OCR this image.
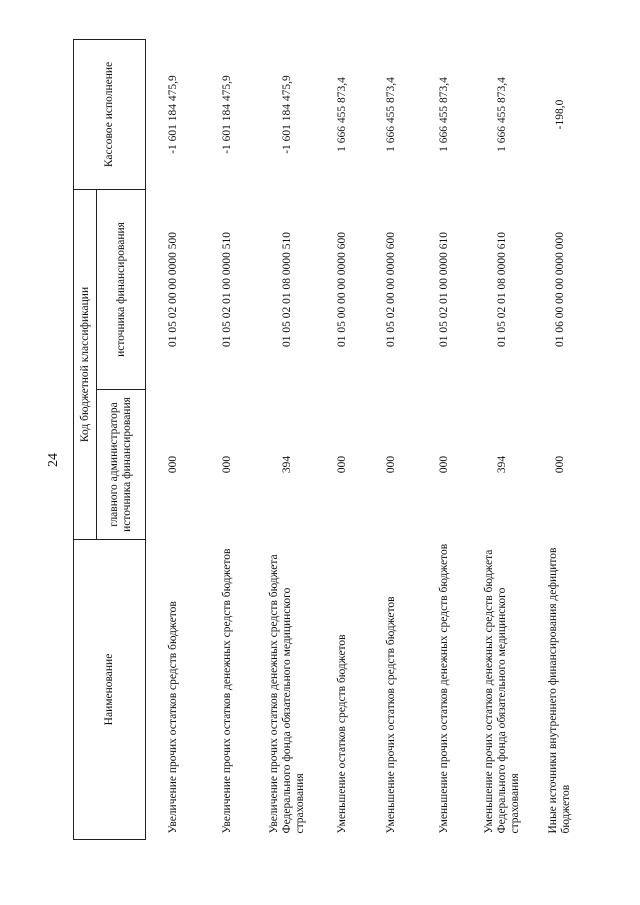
24
Наименование	Код бюджетной классификации		Кассовое исполнение
	главного администратора источника финансирования	источника финансирования	
Увеличение прочих остатков средств бюджетов	000	01 05 02 00 00 0000 500	-1 601 184 475,9
Увеличение прочих остатков денежных средств бюджетов	000	01 05 02 01 00 0000 510	-1 601 184 475,9
Увеличение прочих остатков денежных средств бюджета Федерального фонда обязательного медицинского страхования	394	01 05 02 01 08 0000 510	-1 601 184 475,9
Уменьшение остатков средств бюджетов	000	01 05 00 00 00 0000 600	1 666 455 873,4
Уменьшение прочих остатков средств бюджетов	000	01 05 02 00 00 0000 600	1 666 455 873,4
Уменьшение прочих остатков денежных средств бюджетов	000	01 05 02 01 00 0000 610	1 666 455 873,4
Уменьшение прочих остатков денежных средств бюджета Федерального фонда обязательного медицинского страхования	394	01 05 02 01 08 0000 610	1 666 455 873,4
Иные источники внутреннего финансирования дефицитов бюджетов	000	01 06 00 00 00 0000 000	-198,0
